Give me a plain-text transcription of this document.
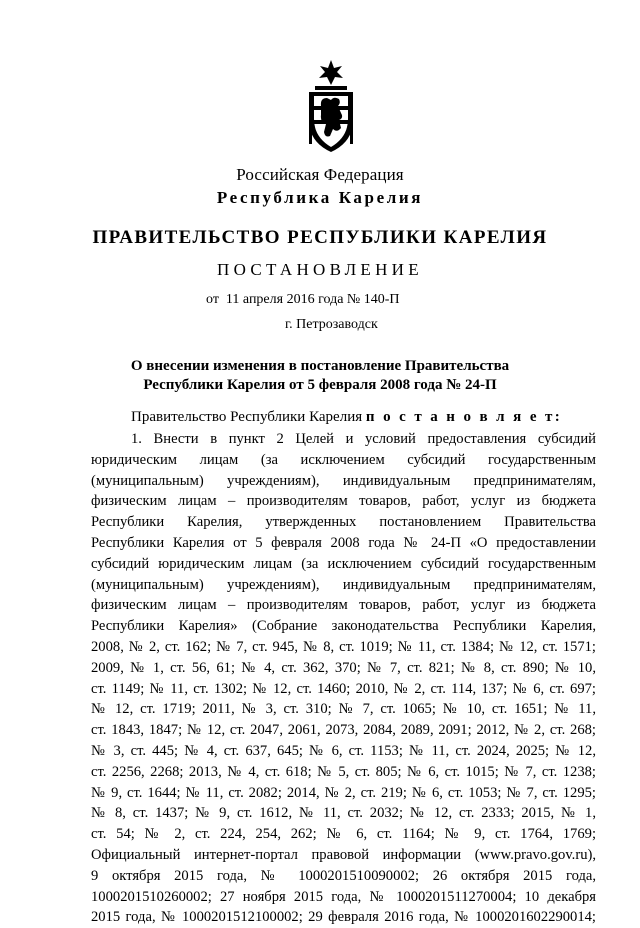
Российская Федерация
Республика Карелия
ПРАВИТЕЛЬСТВО РЕСПУБЛИКИ КАРЕЛИЯ
ПОСТАНОВЛЕНИЕ
от  11 апреля 2016 года № 140-П
г. Петрозаводск
О внесении изменения в постановление Правительства
Республики Карелия от 5 февраля 2008 года № 24-П
Правительство Республики Карелия п о с т а н о в л я е т:
1. Внести в пункт 2 Целей и условий предоставления субсидий
юридическим лицам (за исключением субсидий государственным
(муниципальным) учреждениям), индивидуальным предпринимателям,
физическим лицам – производителям товаров, работ, услуг из бюджета
Республики Карелия, утвержденных постановлением Правительства
Республики Карелия от 5 февраля 2008 года № 24-П «О предоставлении
субсидий юридическим лицам (за исключением субсидий государственным
(муниципальным) учреждениям), индивидуальным предпринимателям,
физическим лицам – производителям товаров, работ, услуг из бюджета
Республики Карелия» (Собрание законодательства Республики Карелия,
2008, № 2, ст. 162; № 7, ст. 945, № 8, ст. 1019; № 11, ст. 1384; № 12, ст. 1571;
2009, № 1, ст. 56, 61; № 4, ст. 362, 370; № 7, ст. 821; № 8, ст. 890; № 10,
ст. 1149; № 11, ст. 1302; № 12, ст. 1460; 2010, № 2, ст. 114, 137; № 6, ст. 697;
№ 12, ст. 1719; 2011, № 3, ст. 310; № 7, ст. 1065; № 10, ст. 1651; № 11,
ст. 1843, 1847; № 12, ст. 2047, 2061, 2073, 2084, 2089, 2091; 2012, № 2, ст. 268;
№ 3, ст. 445; № 4, ст. 637, 645; № 6, ст. 1153; № 11, ст. 2024, 2025; № 12,
ст. 2256, 2268; 2013, № 4, ст. 618; № 5, ст. 805; № 6, ст. 1015; № 7, ст. 1238;
№ 9, ст. 1644; № 11, ст. 2082; 2014, № 2, ст. 219; № 6, ст. 1053; № 7, ст. 1295;
№ 8, ст. 1437; № 9, ст. 1612, № 11, ст. 2032; № 12, ст. 2333; 2015, № 1,
ст. 54; № 2, ст. 224, 254, 262; № 6, ст. 1164; № 9, ст. 1764, 1769;
Официальный интернет-портал правовой информации (www.pravo.gov.ru),
9 октября 2015 года, № 1000201510090002; 26 октября 2015 года,
1000201510260002; 27 ноября 2015 года, № 1000201511270004; 10 декабря
2015 года, № 1000201512100002; 29 февраля 2016 года, № 1000201602290014;
